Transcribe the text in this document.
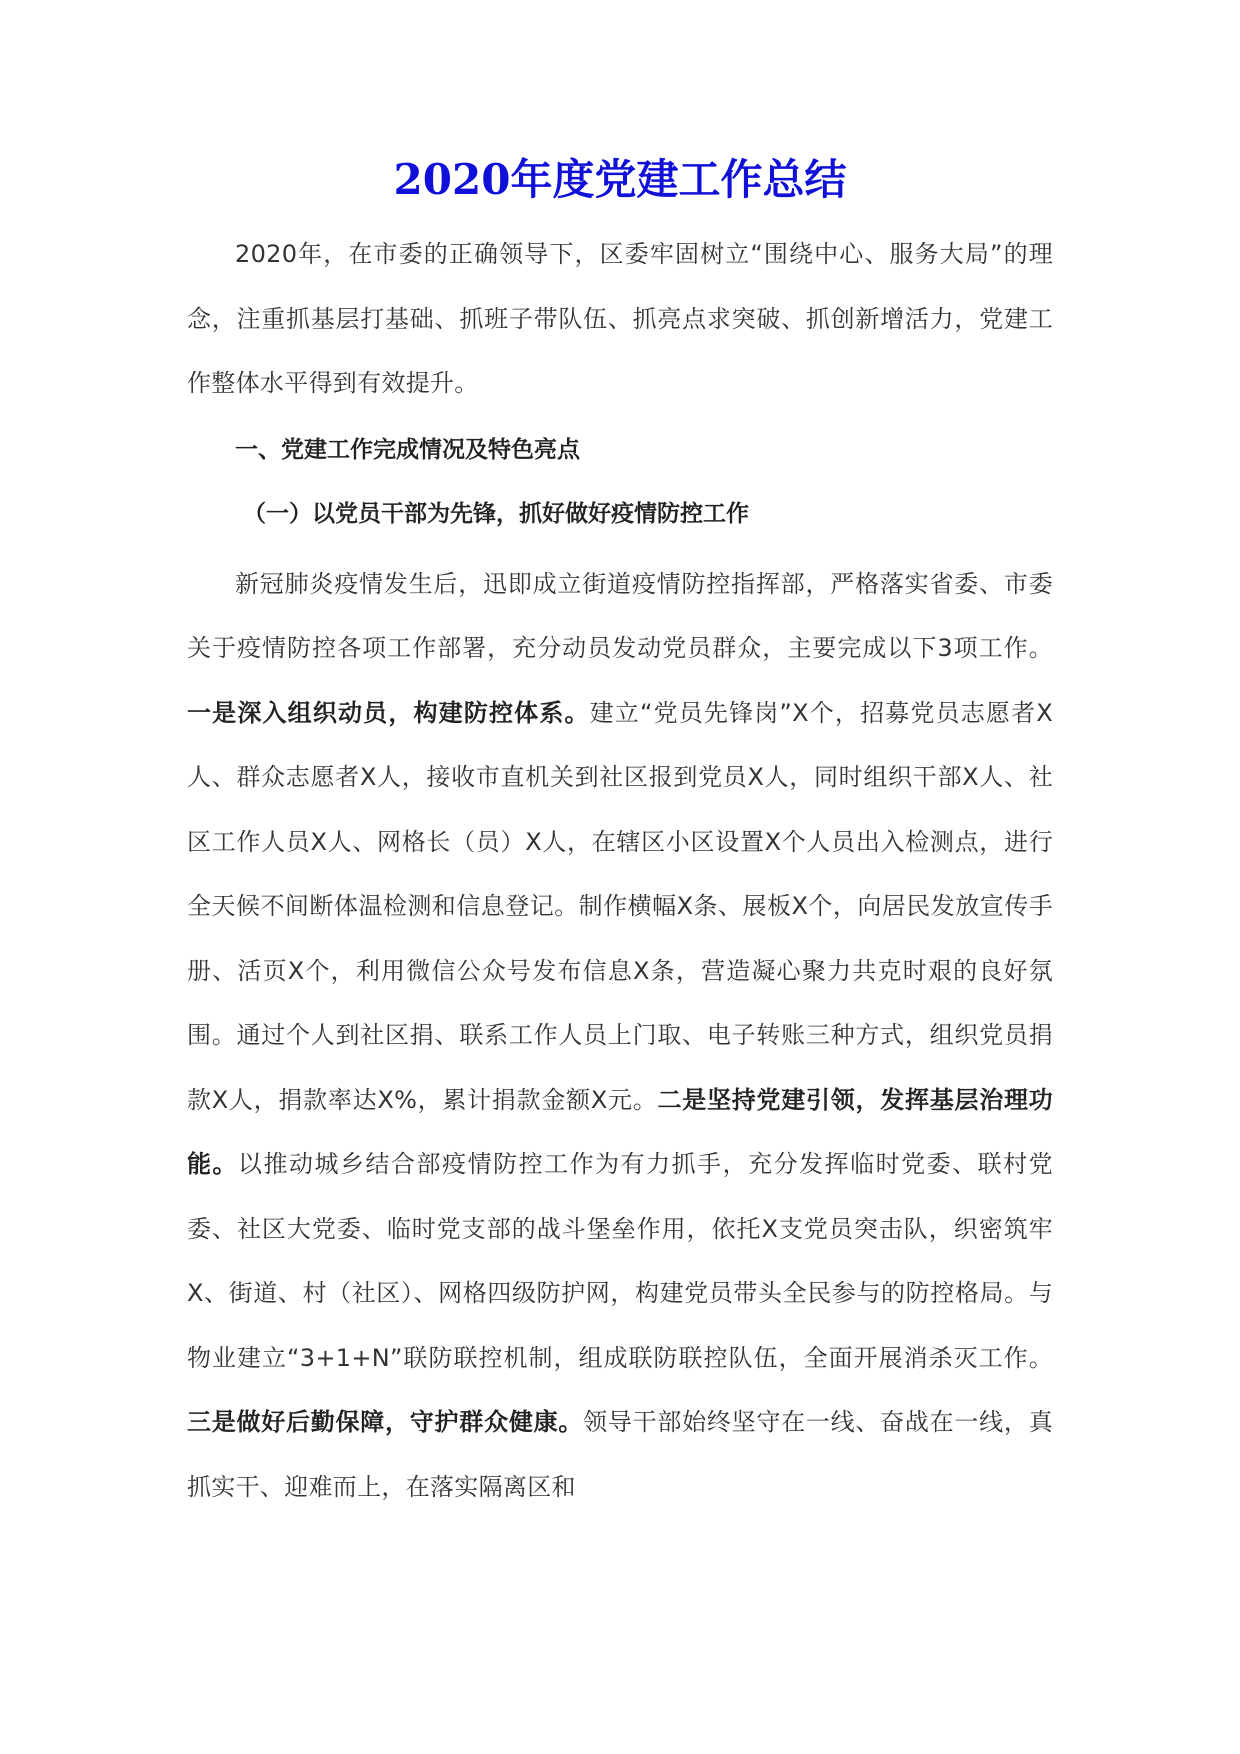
2020年度党建工作总结

2020年，在市委的正确领导下，区委牢固树立“围绕中心、服务大局”的理念，注重抓基层打基础、抓班子带队伍、抓亮点求突破、抓创新增活力，党建工作整体水平得到有效提升。

一、党建工作完成情况及特色亮点

（一）以党员干部为先锋，抓好做好疫情防控工作

新冠肺炎疫情发生后，迅即成立街道疫情防控指挥部，严格落实省委、市委关于疫情防控各项工作部署，充分动员发动党员群众，主要完成以下3项工作。一是深入组织动员，构建防控体系。建立“党员先锋岗”X个，招募党员志愿者X人、群众志愿者X人，接收市直机关到社区报到党员X人，同时组织干部X人、社区工作人员X人、网格长（员）X人，在辖区小区设置X个人员出入检测点，进行全天候不间断体温检测和信息登记。制作横幅X条、展板X个，向居民发放宣传手册、活页X个，利用微信公众号发布信息X条，营造凝心聚力共克时艰的良好氛围。通过个人到社区捐、联系工作人员上门取、电子转账三种方式，组织党员捐款X人，捐款率达X%，累计捐款金额X元。二是坚持党建引领，发挥基层治理功能。以推动城乡结合部疫情防控工作为有力抓手，充分发挥临时党委、联村党委、社区大党委、临时党支部的战斗堡垒作用，依托X支党员突击队，织密筑牢X、街道、村（社区）、网格四级防护网，构建党员带头全民参与的防控格局。与物业建立“3+1+N”联防联控机制，组成联防联控队伍，全面开展消杀灭工作。三是做好后勤保障，守护群众健康。领导干部始终坚守在一线、奋战在一线，真抓实干、迎难而上，在落实隔离区和
